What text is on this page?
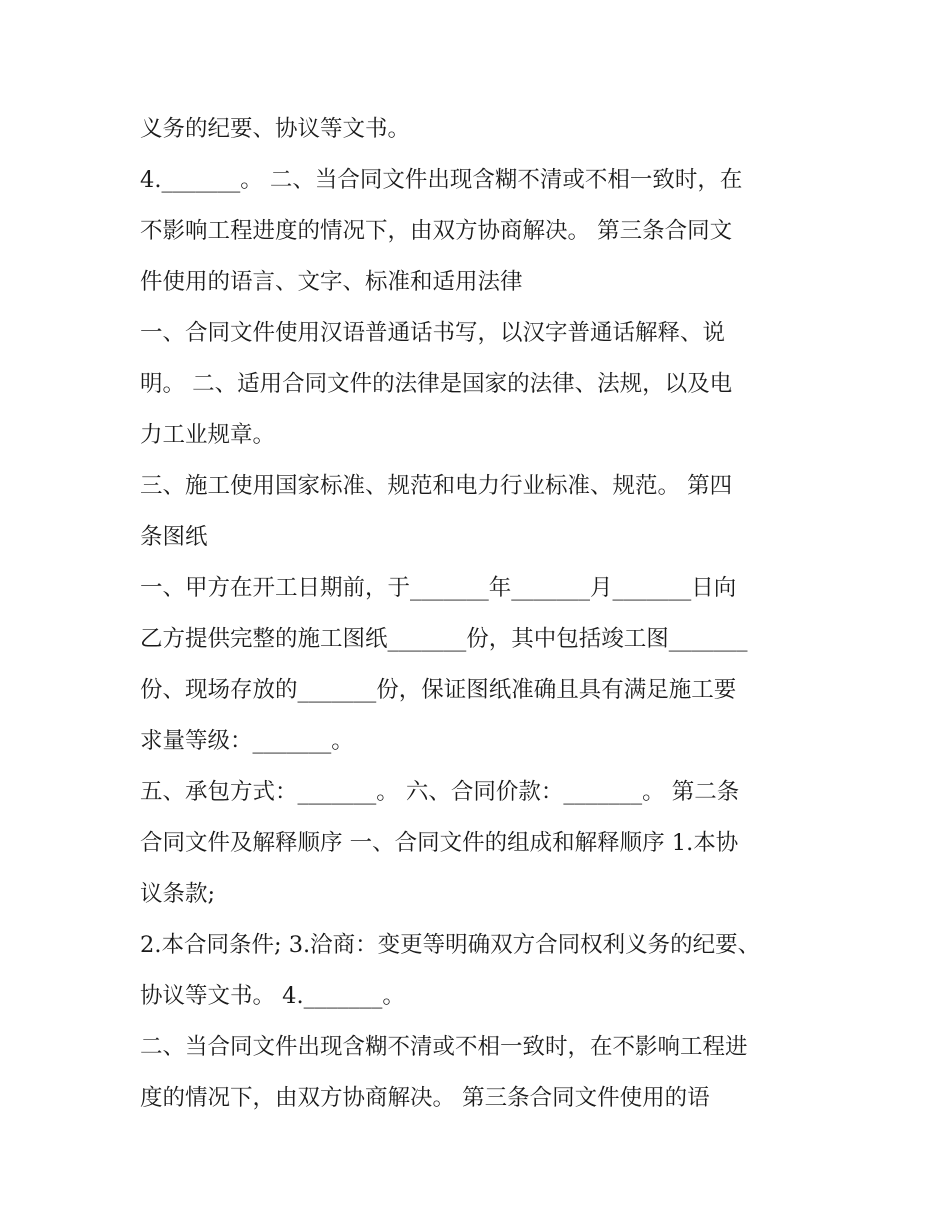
义务的纪要、协议等文书。
4._______。 二、当合同文件出现含糊不清或不相一致时，在
不影响工程进度的情况下，由双方协商解决。 第三条合同文
件使用的语言、文字、标准和适用法律
一、合同文件使用汉语普通话书写，以汉字普通话解释、说
明。 二、适用合同文件的法律是国家的法律、法规，以及电
力工业规章。
三、施工使用国家标准、规范和电力行业标准、规范。 第四
条图纸
一、甲方在开工日期前，于_______年_______月_______日向
乙方提供完整的施工图纸_______份，其中包括竣工图_______
份、现场存放的_______份，保证图纸准确且具有满足施工要
求量等级：_______。
五、承包方式：_______。 六、合同价款：_______。 第二条
合同文件及解释顺序 一、合同文件的组成和解释顺序 1.本协
议条款;
2.本合同条件; 3.洽商：变更等明确双方合同权利义务的纪要、
协议等文书。 4._______。
二、当合同文件出现含糊不清或不相一致时，在不影响工程进
度的情况下，由双方协商解决。 第三条合同文件使用的语
